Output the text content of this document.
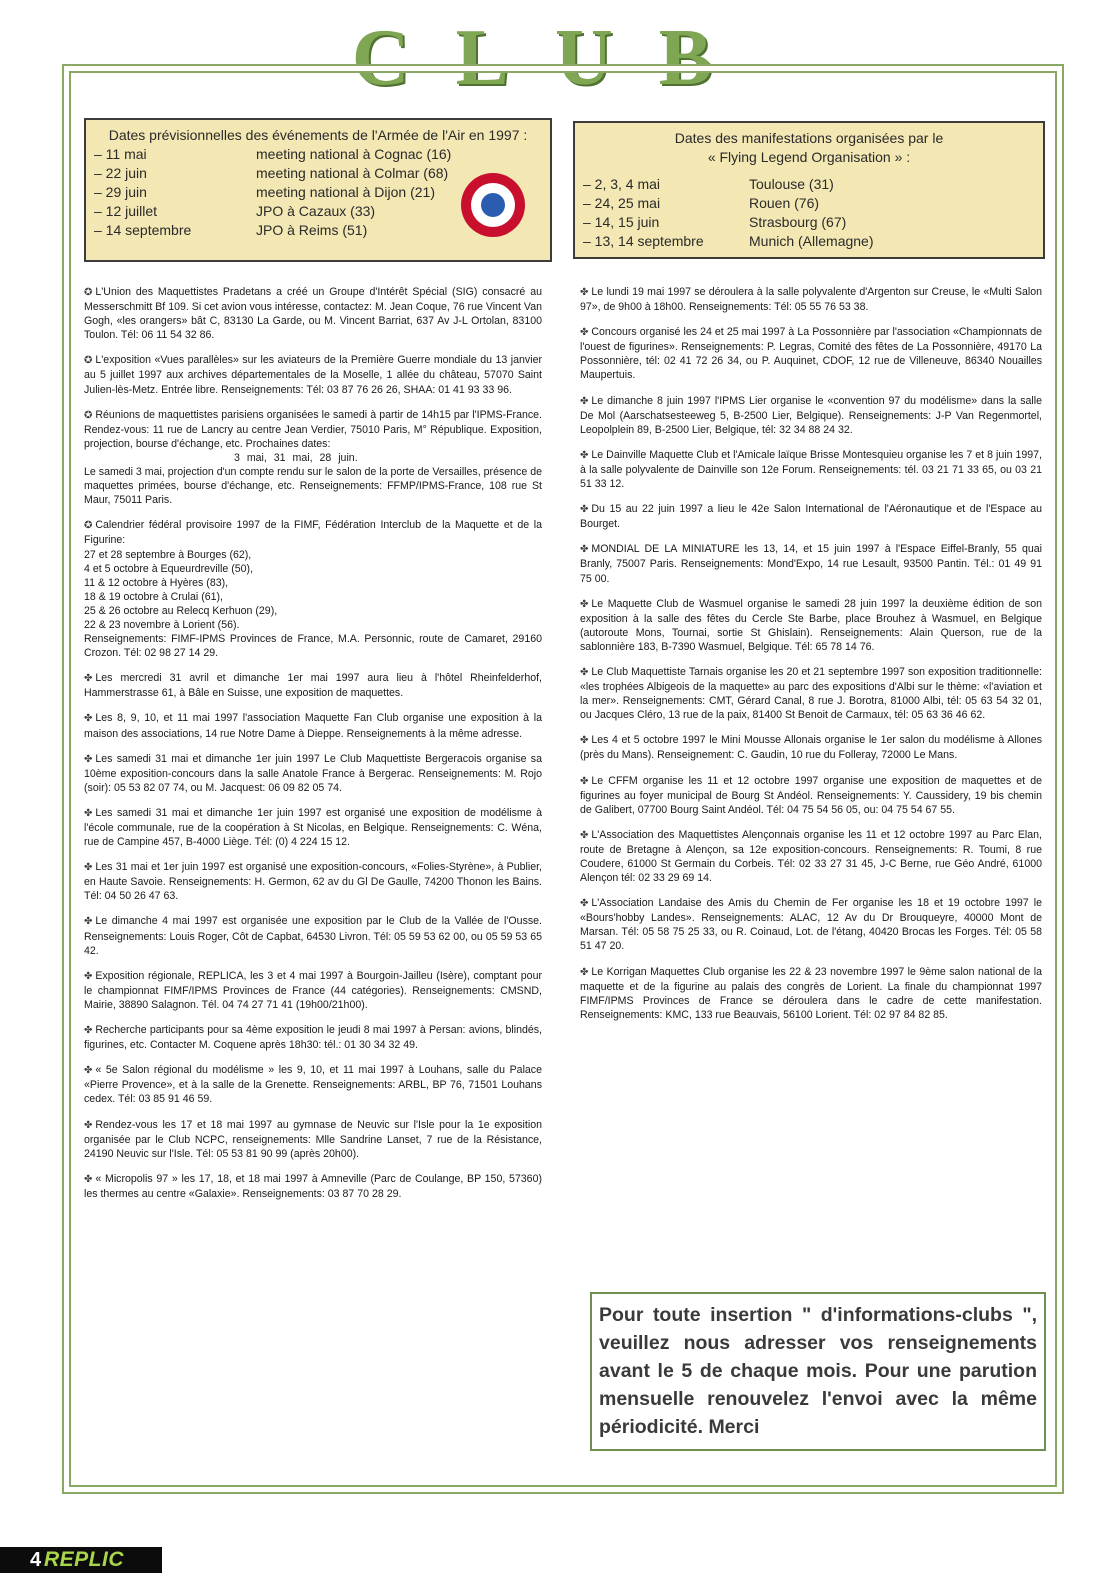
CLUB
Dates prévisionnelles des événements de l'Armée de l'Air en 1997 :
– 11 mai	meeting national à Cognac (16)
– 22 juin	meeting national à Colmar (68)
– 29 juin	meeting national à Dijon (21)
– 12 juillet	JPO à Cazaux (33)
– 14 septembre	JPO à Reims (51)
Dates des manifestations organisées par le
« Flying Legend Organisation » :
– 2, 3, 4 mai	Toulouse (31)
– 24, 25 mai	Rouen (76)
– 14, 15 juin	Strasbourg (67)
– 13, 14 septembre	Munich (Allemagne)

✪ L'Union des Maquettistes Pradetans a créé un Groupe d'Intérêt Spécial (SIG) consacré au Messerschmitt Bf 109. Si cet avion vous intéresse, contactez: M. Jean Coque, 76 rue Vincent Van Gogh, «les orangers» bât C, 83130 La Garde, ou M. Vincent Barriat, 637 Av J-L Ortolan, 83100 Toulon. Tél: 06 11 54 32 86.

✪ L'exposition «Vues parallèles» sur les aviateurs de la Première Guerre mondiale du 13 janvier au 5 juillet 1997 aux archives départementales de la Moselle, 1 allée du château, 57070 Saint Julien-lès-Metz. Entrée libre. Renseignements: Tél: 03 87 76 26 26, SHAA: 01 41 93 33 96.

✪ Réunions de maquettistes parisiens organisées le samedi à partir de 14h15 par l'IPMS-France. Rendez-vous: 11 rue de Lancry au centre Jean Verdier, 75010 Paris, M° République. Exposition, projection, bourse d'échange, etc. Prochaines dates:
3 mai, 31 mai, 28 juin.
Le samedi 3 mai, projection d'un compte rendu sur le salon de la porte de Versailles, présence de maquettes primées, bourse d'échange, etc. Renseignements: FFMP/IPMS-France, 108 rue St Maur, 75011 Paris.

✪ Calendrier fédéral provisoire 1997 de la FIMF, Fédération Interclub de la Maquette et de la Figurine:
27 et 28 septembre à Bourges (62),
4 et 5 octobre à Equeurdreville (50),
11 & 12 octobre à Hyères (83),
18 & 19 octobre à Crulai (61),
25 & 26 octobre au Relecq Kerhuon (29),
22 & 23 novembre à Lorient (56).
Renseignements: FIMF-IPMS Provinces de France, M.A. Personnic, route de Camaret, 29160 Crozon. Tél: 02 98 27 14 29.

✤ Les mercredi 31 avril et dimanche 1er mai 1997 aura lieu à l'hôtel Rheinfelderhof, Hammerstrasse 61, à Bâle en Suisse, une exposition de maquettes.

✤ Les 8, 9, 10, et 11 mai 1997 l'association Maquette Fan Club organise une exposition à la maison des associations, 14 rue Notre Dame à Dieppe. Renseignements à la même adresse.

✤ Les samedi 31 mai et dimanche 1er juin 1997 Le Club Maquettiste Bergeracois organise sa 10ème exposition-concours dans la salle Anatole France à Bergerac. Renseignements: M. Rojo (soir): 05 53 82 07 74, ou M. Jacquest: 06 09 82 05 74.

✤ Les samedi 31 mai et dimanche 1er juin 1997 est organisé une exposition de modélisme à l'école communale, rue de la coopération à St Nicolas, en Belgique. Renseignements: C. Wéna, rue de Campine 457, B-4000 Liège. Tél: (0) 4 224 15 12.

✤ Les 31 mai et 1er juin 1997 est organisé une exposition-concours, «Folies-Styrène», à Publier, en Haute Savoie. Renseignements: H. Germon, 62 av du Gl De Gaulle, 74200 Thonon les Bains. Tél: 04 50 26 47 63.

✤ Le dimanche 4 mai 1997 est organisée une exposition par le Club de la Vallée de l'Ousse. Renseignements: Louis Roger, Côt de Capbat, 64530 Livron. Tél: 05 59 53 62 00, ou 05 59 53 65 42.

✤ Exposition régionale, REPLICA, les 3 et 4 mai 1997 à Bourgoin-Jailleu (Isère), comptant pour le championnat FIMF/IPMS Provinces de France (44 catégories). Renseignements: CMSND, Mairie, 38890 Salagnon. Tél. 04 74 27 71 41 (19h00/21h00).

✤ Recherche participants pour sa 4ème exposition le jeudi 8 mai 1997 à Persan: avions, blindés, figurines, etc. Contacter M. Coquene après 18h30: tél.: 01 30 34 32 49.

✤ « 5e Salon régional du modélisme » les 9, 10, et 11 mai 1997 à Louhans, salle du Palace «Pierre Provence», et à la salle de la Grenette. Renseignements: ARBL, BP 76, 71501 Louhans cedex. Tél: 03 85 91 46 59.

✤ Rendez-vous les 17 et 18 mai 1997 au gymnase de Neuvic sur l'Isle pour la 1e exposition organisée par le Club NCPC, renseignements: Mlle Sandrine Lanset, 7 rue de la Résistance, 24190 Neuvic sur l'Isle. Tél: 05 53 81 90 99 (après 20h00).

✤ « Micropolis 97 » les 17, 18, et 18 mai 1997 à Amneville (Parc de Coulange, BP 150, 57360) les thermes au centre «Galaxie». Renseignements: 03 87 70 28 29.

✤ Le lundi 19 mai 1997 se déroulera à la salle polyvalente d'Argenton sur Creuse, le «Multi Salon 97», de 9h00 à 18h00. Renseignements: Tél: 05 55 76 53 38.

✤ Concours organisé les 24 et 25 mai 1997 à La Possonnière par l'association «Championnats de l'ouest de figurines». Renseignements: P. Legras, Comité des fêtes de La Possonnière, 49170 La Possonnière, tél: 02 41 72 26 34, ou P. Auquinet, CDOF, 12 rue de Villeneuve, 86340 Nouailles Maupertuis.

✤ Le dimanche 8 juin 1997 l'IPMS Lier organise le «convention 97 du modélisme» dans la salle De Mol (Aarschatsesteeweg 5, B-2500 Lier, Belgique). Renseignements: J-P Van Regenmortel, Leopolplein 89, B-2500 Lier, Belgique, tél: 32 34 88 24 32.

✤ Le Dainville Maquette Club et l'Amicale laïque Brisse Montesquieu organise les 7 et 8 juin 1997, à la salle polyvalente de Dainville son 12e Forum. Renseignements: tél. 03 21 71 33 65, ou 03 21 51 33 12.

✤ Du 15 au 22 juin 1997 a lieu le 42e Salon International de l'Aéronautique et de l'Espace au Bourget.

✤ MONDIAL DE LA MINIATURE les 13, 14, et 15 juin 1997 à l'Espace Eiffel-Branly, 55 quai Branly, 75007 Paris. Renseignements: Mond'Expo, 14 rue Lesault, 93500 Pantin. Tél.: 01 49 91 75 00.

✤ Le Maquette Club de Wasmuel organise le samedi 28 juin 1997 la deuxième édition de son exposition à la salle des fêtes du Cercle Ste Barbe, place Brouhez à Wasmuel, en Belgique (autoroute Mons, Tournai, sortie St Ghislain). Renseignements: Alain Querson, rue de la sablonnière 183, B-7390 Wasmuel, Belgique. Tél: 65 78 14 76.

✤ Le Club Maquettiste Tarnais organise les 20 et 21 septembre 1997 son exposition traditionnelle: «les trophées Albigeois de la maquette» au parc des expositions d'Albi sur le thème: «l'aviation et la mer». Renseignements: CMT, Gérard Canal, 8 rue J. Borotra, 81000 Albi, tél: 05 63 54 32 01, ou Jacques Cléro, 13 rue de la paix, 81400 St Benoit de Carmaux, tél: 05 63 36 46 62.

✤ Les 4 et 5 octobre 1997 le Mini Mousse Allonais organise le 1er salon du modélisme à Allones (près du Mans). Renseignement: C. Gaudin, 10 rue du Folleray, 72000 Le Mans.

✤ Le CFFM organise les 11 et 12 octobre 1997 organise une exposition de maquettes et de figurines au foyer municipal de Bourg St Andéol. Renseignements: Y. Caussidery, 19 bis chemin de Galibert, 07700 Bourg Saint Andéol. Tél: 04 75 54 56 05, ou: 04 75 54 67 55.

✤ L'Association des Maquettistes Alençonnais organise les 11 et 12 octobre 1997 au Parc Elan, route de Bretagne à Alençon, sa 12e exposition-concours. Renseignements: R. Toumi, 8 rue Coudere, 61000 St Germain du Corbeis. Tél: 02 33 27 31 45, J-C Berne, rue Géo André, 61000 Alençon tél: 02 33 29 69 14.

✤ L'Association Landaise des Amis du Chemin de Fer organise les 18 et 19 octobre 1997 le «Bours'hobby Landes». Renseignements: ALAC, 12 Av du Dr Brouqueyre, 40000 Mont de Marsan. Tél: 05 58 75 25 33, ou R. Coinaud, Lot. de l'étang, 40420 Brocas les Forges. Tél: 05 58 51 47 20.

✤ Le Korrigan Maquettes Club organise les 22 & 23 novembre 1997 le 9ème salon national de la maquette et de la figurine au palais des congrès de Lorient. La finale du championnat 1997 FIMF/IPMS Provinces de France se déroulera dans le cadre de cette manifestation. Renseignements: KMC, 133 rue Beauvais, 56100 Lorient. Tél: 02 97 84 82 85.

Pour toute insertion " d'informations-clubs ", veuillez nous adresser vos renseignements avant le 5 de chaque mois. Pour une parution mensuelle renouvelez l'envoi avec la même périodicité. Merci
4 REPLIC
